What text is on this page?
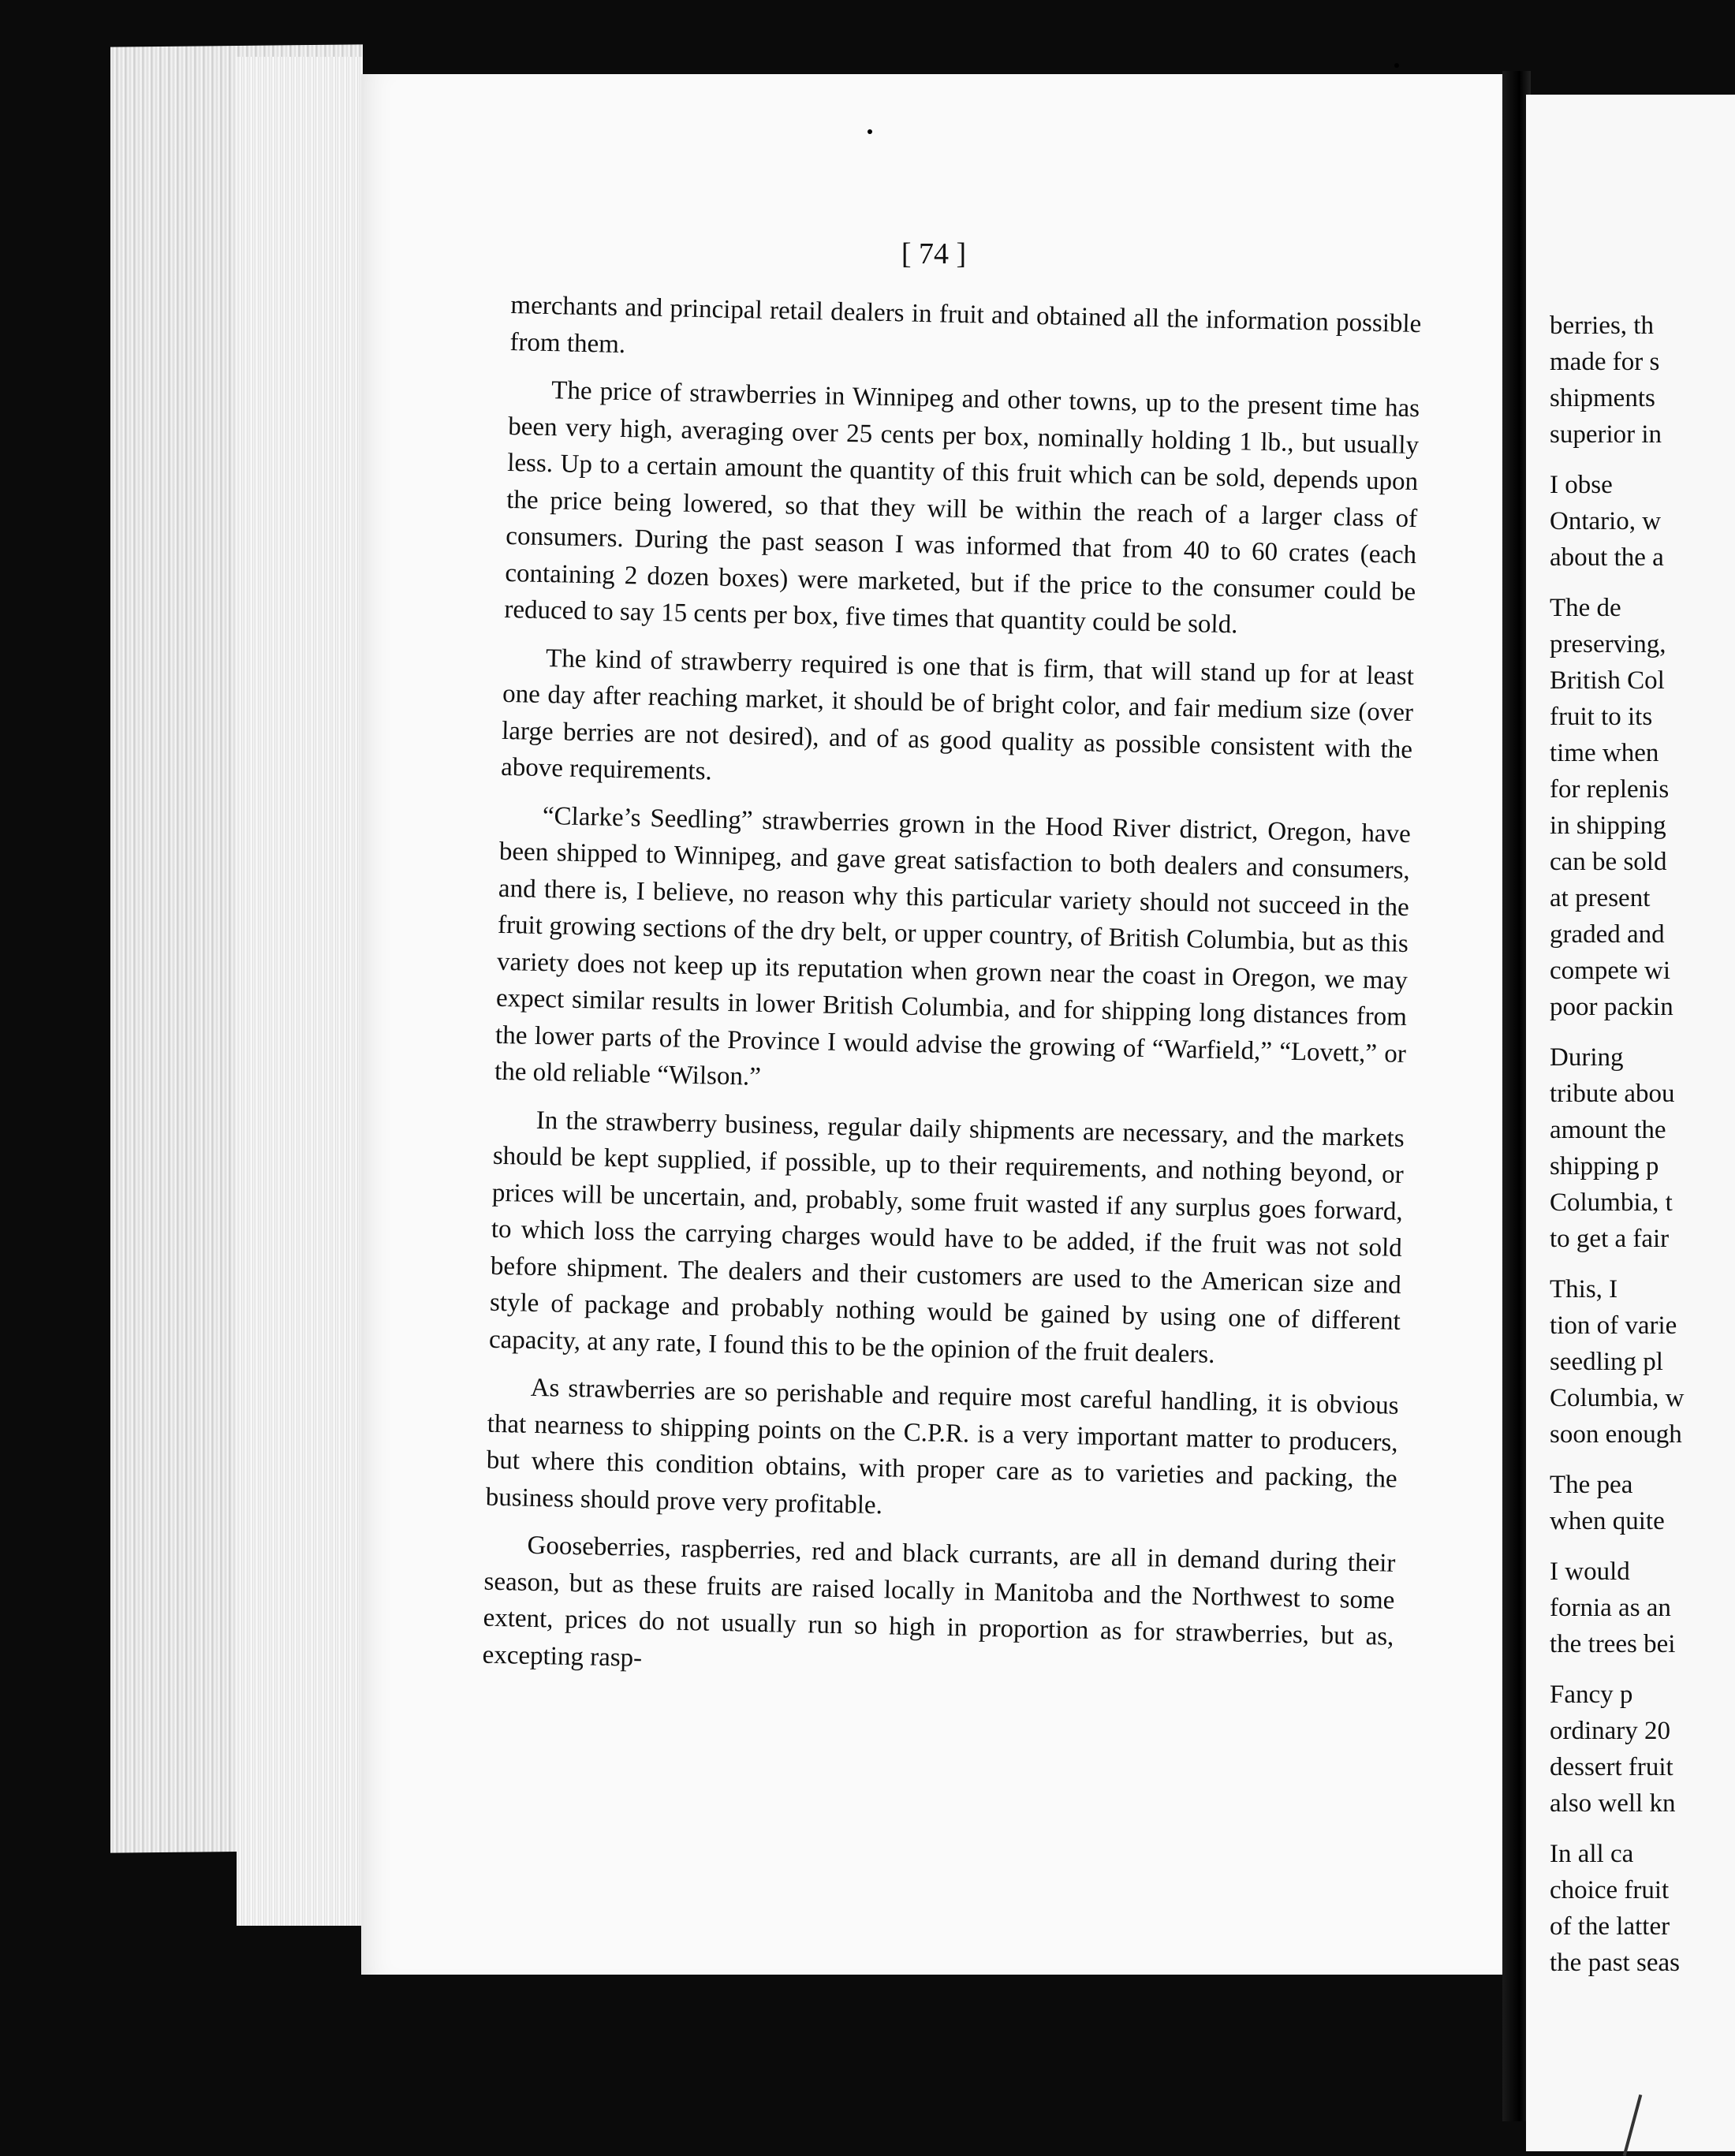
[ 74 ]

merchants and principal retail dealers in fruit and obtained all the information possible from them.

The price of strawberries in Winnipeg and other towns, up to the present time has been very high, averaging over 25 cents per box, nominally holding 1 lb., but usually less. Up to a certain amount the quantity of this fruit which can be sold, depends upon the price being lowered, so that they will be within the reach of a larger class of consumers. During the past season I was informed that from 40 to 60 crates (each containing 2 dozen boxes) were marketed, but if the price to the consumer could be reduced to say 15 cents per box, five times that quantity could be sold.

The kind of strawberry required is one that is firm, that will stand up for at least one day after reaching market, it should be of bright color, and fair medium size (over large berries are not desired), and of as good quality as possible consistent with the above requirements.

“Clarke’s Seedling” strawberries grown in the Hood River district, Oregon, have been shipped to Winnipeg, and gave great satisfaction to both dealers and consumers, and there is, I believe, no reason why this particular variety should not succeed in the fruit growing sections of the dry belt, or upper country, of British Columbia, but as this variety does not keep up its reputation when grown near the coast in Oregon, we may expect similar results in lower British Columbia, and for shipping long distances from the lower parts of the Province I would advise the growing of “Warfield,” “Lovett,” or the old reliable “Wilson.”

In the strawberry business, regular daily shipments are necessary, and the markets should be kept supplied, if possible, up to their requirements, and nothing beyond, or prices will be uncertain, and, probably, some fruit wasted if any surplus goes forward, to which loss the carrying charges would have to be added, if the fruit was not sold before shipment. The dealers and their customers are used to the American size and style of package and probably nothing would be gained by using one of different capacity, at any rate, I found this to be the opinion of the fruit dealers.

As strawberries are so perishable and require most careful handling, it is obvious that nearness to shipping points on the C.P.R. is a very important matter to producers, but where this condition obtains, with proper care as to varieties and packing, the business should prove very profitable.

Gooseberries, raspberries, red and black currants, are all in demand during their season, but as these fruits are raised locally in Manitoba and the Northwest to some extent, prices do not usually run so high in proportion as for strawberries, but as, excepting rasp-

berries, th
made for s
shipments
superior in
I obse
Ontario, w
about the a
The de
preserving,
British Col
fruit to its
time when
for replenis
in shipping
can be sold
at present
graded and
compete wi
poor packin
During
tribute abou
amount the
shipping p
Columbia, t
to get a fair
This, I
tion of varie
seedling pl
Columbia, w
soon enough
The pea
when quite
I would
fornia as an
the trees bei
Fancy p
ordinary 20
dessert fruit
also well kn
In all ca
choice fruit
of the latter
the past seas
